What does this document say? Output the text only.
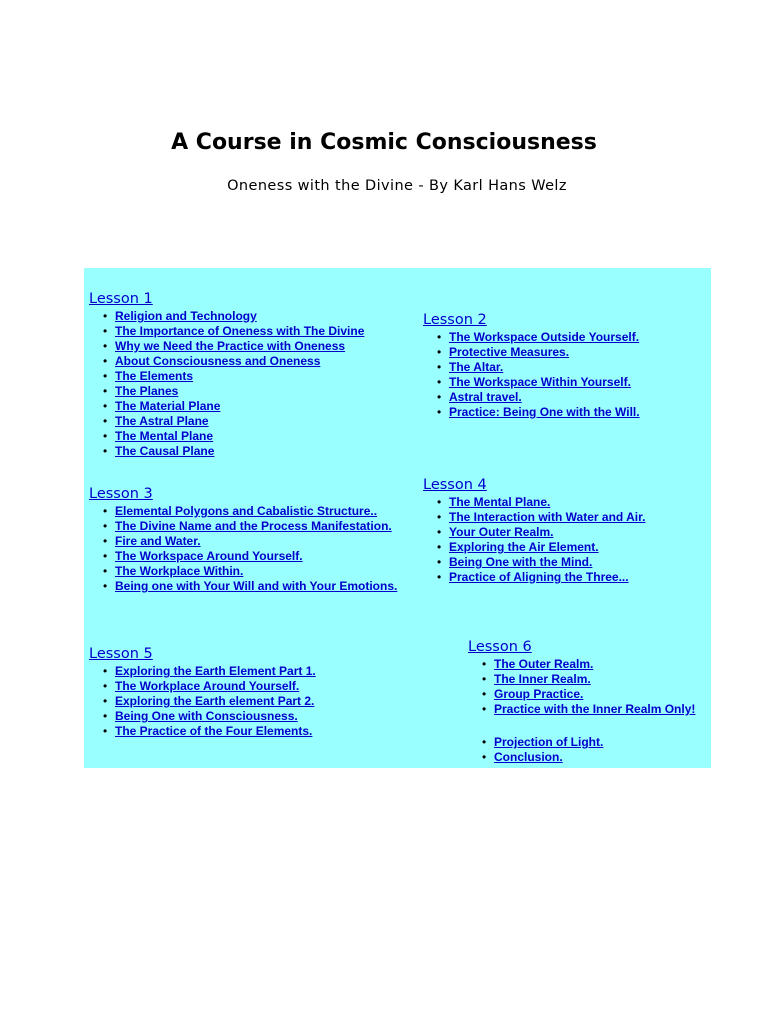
A Course in Cosmic Consciousness

Oneness with the Divine - By Karl Hans Welz

Lesson 1
• Religion and Technology
• The Importance of Oneness with The Divine
• Why we Need the Practice with Oneness
• About Consciousness and Oneness
• The Elements
• The Planes
• The Material Plane
• The Astral Plane
• The Mental Plane
• The Causal Plane
Lesson 2
• The Workspace Outside Yourself.
• Protective Measures.
• The Altar.
• The Workspace Within Yourself.
• Astral travel.
• Practice: Being One with the Will.
Lesson 3
• Elemental Polygons and Cabalistic Structure..
• The Divine Name and the Process Manifestation.
• Fire and Water.
• The Workspace Around Yourself.
• The Workplace Within.
• Being one with Your Will and with Your Emotions.
Lesson 4
• The Mental Plane.
• The Interaction with Water and Air.
• Your Outer Realm.
• Exploring the Air Element.
• Being One with the Mind.
• Practice of Aligning the Three...
Lesson 5
• Exploring the Earth Element Part 1.
• The Workplace Around Yourself.
• Exploring the Earth element Part 2.
• Being One with Consciousness.
• The Practice of the Four Elements.
Lesson 6
• The Outer Realm.
• The Inner Realm.
• Group Practice.
• Practice with the Inner Realm Only!
• Projection of Light.
• Conclusion.
